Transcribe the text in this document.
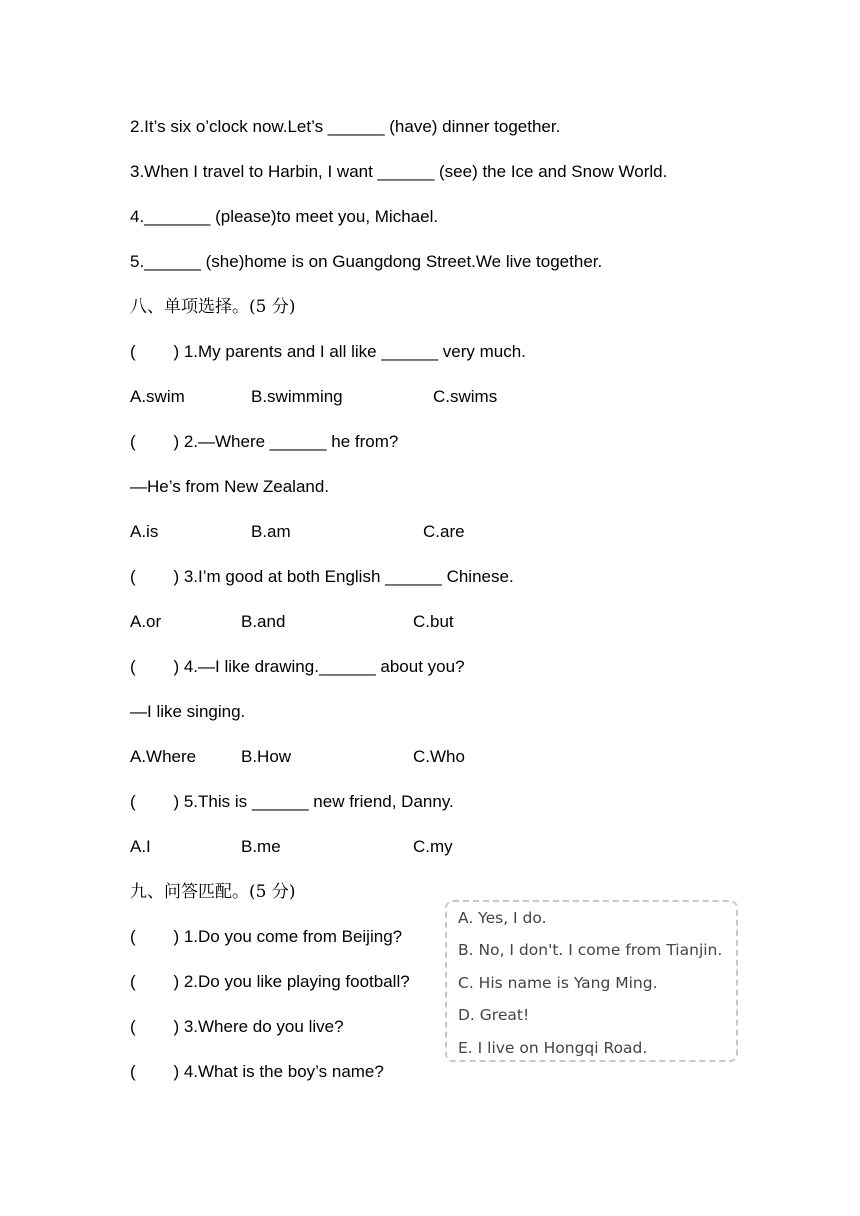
2.It’s six o’clock now.Let’s ______ (have) dinner together.
3.When I travel to Harbin, I want ______ (see) the Ice and Snow World.
4._______ (please)to meet you, Michael.
5.______ (she)home is on Guangdong Street.We live together.
八、单项选择。(5 分)
(        ) 1.My parents and I all like ______ very much.
A.swim	B.swimming	C.swims
(        ) 2.—Where ______ he from?
—He’s from New Zealand.
A.is	B.am	C.are
(        ) 3.I’m good at both English ______ Chinese.
A.or	B.and	C.but
(        ) 4.—I like drawing.______ about you?
—I like singing.
A.Where	B.How	C.Who
(        ) 5.This is ______ new friend, Danny.
A.I	B.me	C.my
九、问答匹配。(5 分)
(        ) 1.Do you come from Beijing?
(        ) 2.Do you like playing football?
(        ) 3.Where do you live?
(        ) 4.What is the boy’s name?
A. Yes, I do.
B. No, I don't. I come from Tianjin.
C. His name is Yang Ming.
D. Great!
E. I live on Hongqi Road.
